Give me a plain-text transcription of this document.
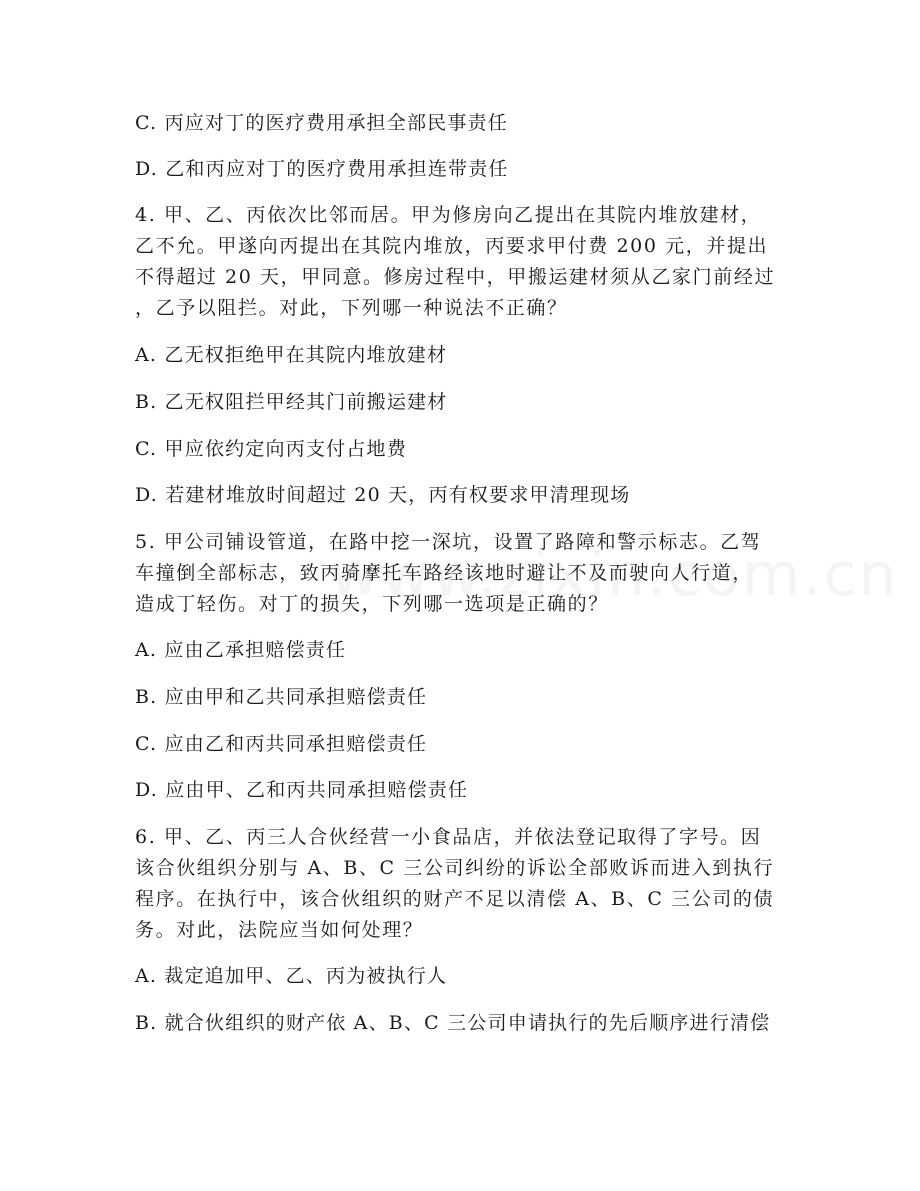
C. 丙应对丁的医疗费用承担全部民事责任
D. 乙和丙应对丁的医疗费用承担连带责任
4. 甲、乙、丙依次比邻而居。甲为修房向乙提出在其院内堆放建材，
乙不允。甲遂向丙提出在其院内堆放，丙要求甲付费 200 元，并提出
不得超过 20 天，甲同意。修房过程中，甲搬运建材须从乙家门前经过
，乙予以阻拦。对此，下列哪一种说法不正确？
A. 乙无权拒绝甲在其院内堆放建材
B. 乙无权阻拦甲经其门前搬运建材
C. 甲应依约定向丙支付占地费
D. 若建材堆放时间超过 20 天，丙有权要求甲清理现场
5. 甲公司铺设管道，在路中挖一深坑，设置了路障和警示标志。乙驾
车撞倒全部标志，致丙骑摩托车路经该地时避让不及而驶向人行道，
造成丁轻伤。对丁的损失，下列哪一选项是正确的？
A. 应由乙承担赔偿责任
B. 应由甲和乙共同承担赔偿责任
C. 应由乙和丙共同承担赔偿责任
D. 应由甲、乙和丙共同承担赔偿责任
6. 甲、乙、丙三人合伙经营一小食品店，并依法登记取得了字号。因
该合伙组织分别与 A、B、C 三公司纠纷的诉讼全部败诉而进入到执行
程序。在执行中，该合伙组织的财产不足以清偿 A、B、C 三公司的债
务。对此，法院应当如何处理？
A. 裁定追加甲、乙、丙为被执行人
B. 就合伙组织的财产依 A、B、C 三公司申请执行的先后顺序进行清偿
